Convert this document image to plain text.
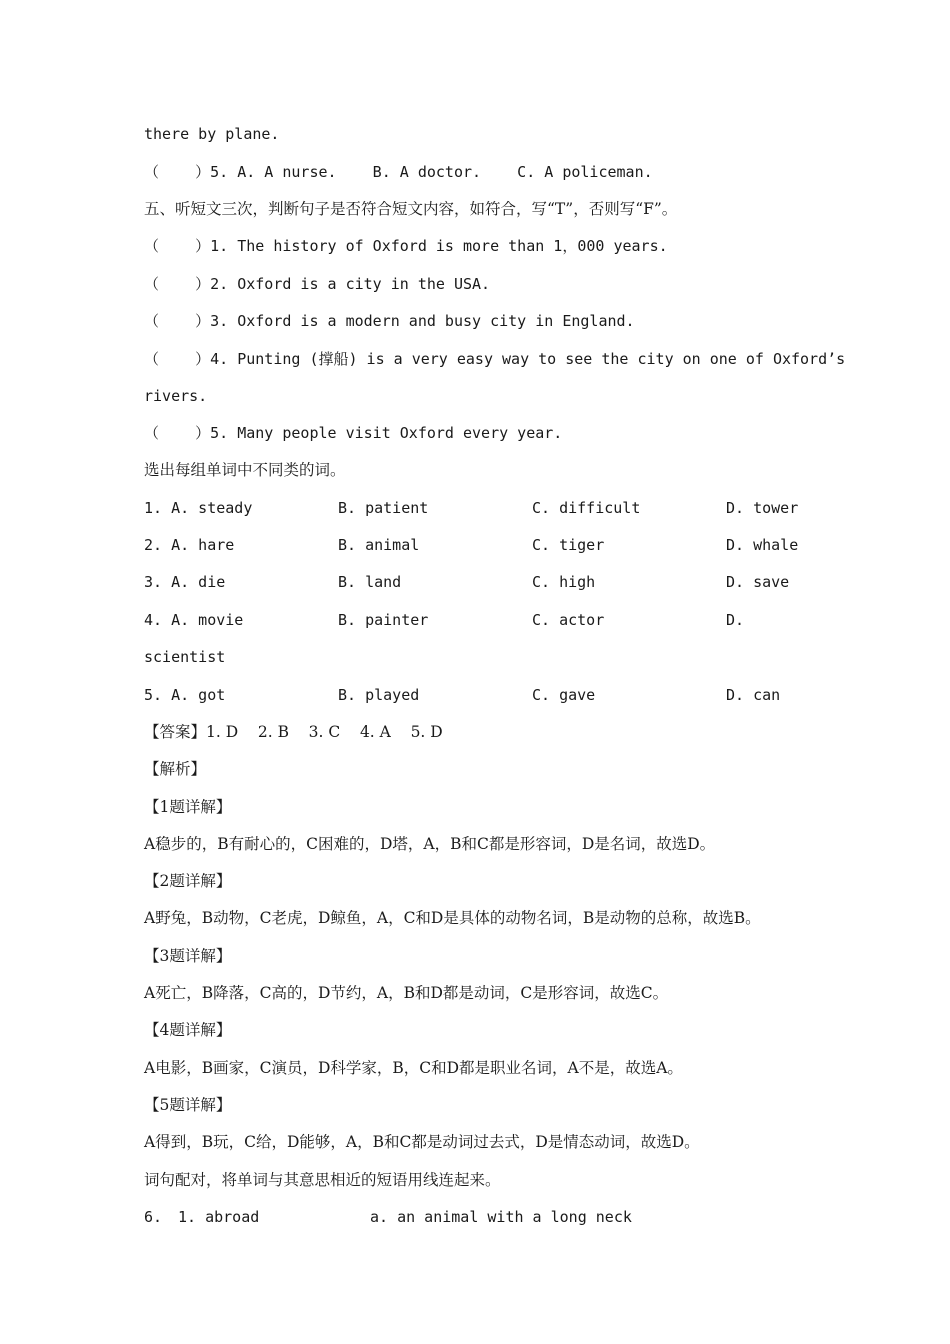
there by plane.
（    ）5. A. A nurse.    B. A doctor.    C. A policeman.
五、听短文三次，判断句子是否符合短文内容，如符合，写“T”，否则写“F”。
（    ）1. The history of Oxford is more than 1，000 years.
（    ）2. Oxford is a city in the USA.
（    ）3. Oxford is a modern and busy city in England.
（    ）4. Punting (撑船) is a very easy way to see the city on one of Oxford’s
rivers.
（    ）5. Many people visit Oxford every year.
选出每组单词中不同类的词。
1. A. steady	B. patient	C. difficult	D. tower
2. A. hare	B. animal	C. tiger	D. whale
3. A. die	B. land	C. high	D. save
4. A. movie	B. painter	C. actor	D.
scientist
5. A. got	B. played	C. gave	D. can
【答案】1. D    2. B    3. C    4. A    5. D
【解析】
【1题详解】
A稳步的，B有耐心的，C困难的，D塔，A，B和C都是形容词，D是名词，故选D。
【2题详解】
A野兔，B动物，C老虎，D鲸鱼，A，C和D是具体的动物名词，B是动物的总称，故选B。
【3题详解】
A死亡，B降落，C高的，D节约，A，B和D都是动词，C是形容词，故选C。
【4题详解】
A电影，B画家，C演员，D科学家，B，C和D都是职业名词，A不是，故选A。
【5题详解】
A得到，B玩，C给，D能够，A，B和C都是动词过去式，D是情态动词，故选D。
词句配对，将单词与其意思相近的短语用线连起来。
6. 1. abroad	a. an animal with a long neck
